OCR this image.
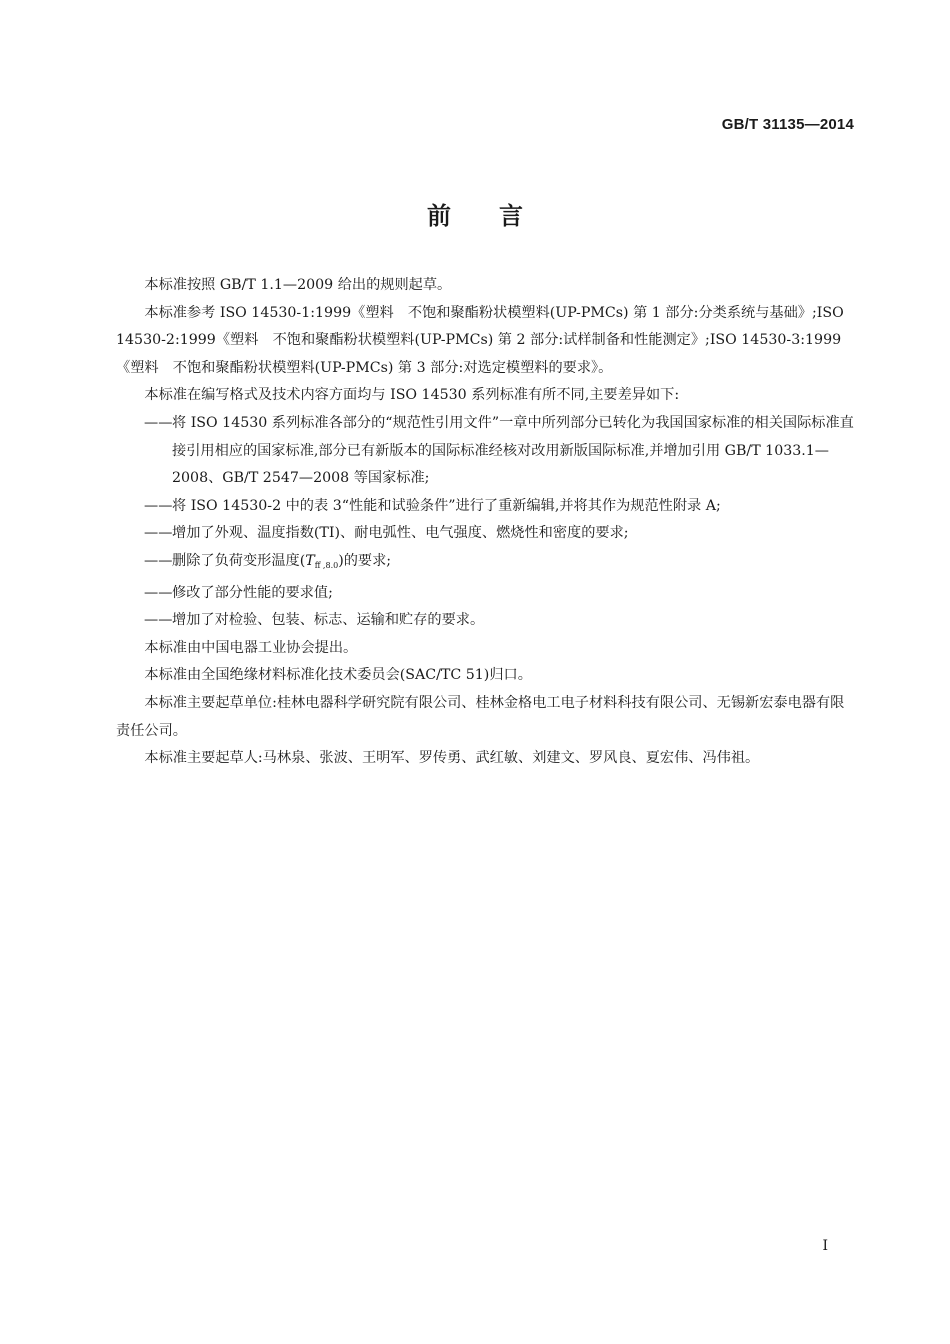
GB/T 31135—2014
前言

本标准按照 GB/T 1.1—2009 给出的规则起草。

本标准参考 ISO 14530-1:1999《塑料　不饱和聚酯粉状模塑料(UP-PMCs) 第 1 部分:分类系统与基础》;ISO 14530-2:1999《塑料　不饱和聚酯粉状模塑料(UP-PMCs) 第 2 部分:试样制备和性能测定》;ISO 14530-3:1999《塑料　不饱和聚酯粉状模塑料(UP-PMCs) 第 3 部分:对选定模塑料的要求》。

本标准在编写格式及技术内容方面均与 ISO 14530 系列标准有所不同,主要差异如下:

——将 ISO 14530 系列标准各部分的“规范性引用文件”一章中所列部分已转化为我国国家标准的相关国际标准直接引用相应的国家标准,部分已有新版本的国际标准经核对改用新版国际标准,并增加引用 GB/T 1033.1—2008、GB/T 2547—2008 等国家标准;

——将 ISO 14530-2 中的表 3“性能和试验条件”进行了重新编辑,并将其作为规范性附录 A;

——增加了外观、温度指数(TI)、耐电弧性、电气强度、燃烧性和密度的要求;

——删除了负荷变形温度$(T_{ff ,8.0})$的要求;

——修改了部分性能的要求值;

——增加了对检验、包装、标志、运输和贮存的要求。

本标准由中国电器工业协会提出。

本标准由全国绝缘材料标准化技术委员会(SAC/TC 51)归口。

本标准主要起草单位:桂林电器科学研究院有限公司、桂林金格电工电子材料科技有限公司、无锡新宏泰电器有限责任公司。

本标准主要起草人:马林泉、张波、王明军、罗传勇、武红敏、刘建文、罗风良、夏宏伟、冯伟祖。

I
